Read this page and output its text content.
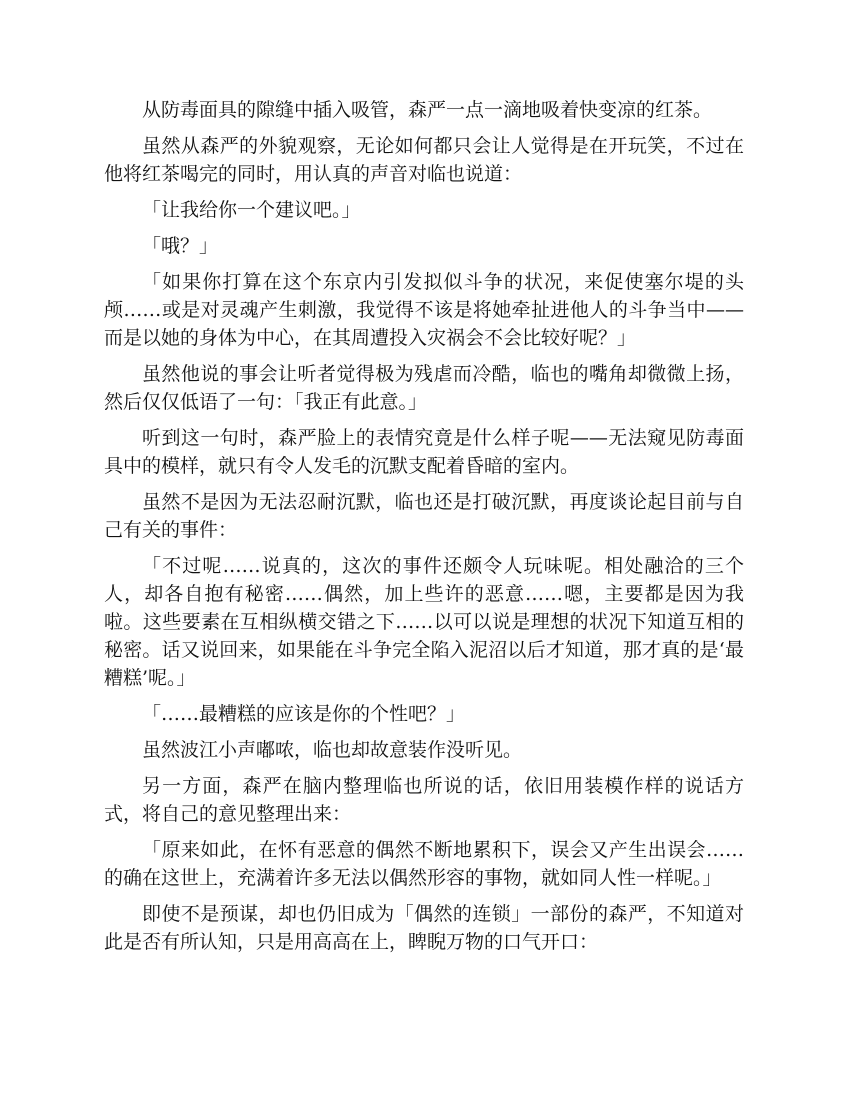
从防毒面具的隙缝中插入吸管，森严一点一滴地吸着快变凉的红茶。

虽然从森严的外貌观察，无论如何都只会让人觉得是在开玩笑，不过在他将红茶喝完的同时，用认真的声音对临也说道：

「让我给你一个建议吧。」

「哦？」

「如果你打算在这个东京内引发拟似斗争的状况，来促使塞尔堤的头颅……或是对灵魂产生刺激，我觉得不该是将她牵扯进他人的斗争当中——而是以她的身体为中心，在其周遭投入灾祸会不会比较好呢？」

虽然他说的事会让听者觉得极为残虐而冷酷，临也的嘴角却微微上扬，然后仅仅低语了一句：「我正有此意。」

听到这一句时，森严脸上的表情究竟是什么样子呢——无法窥见防毒面具中的模样，就只有令人发毛的沉默支配着昏暗的室内。

虽然不是因为无法忍耐沉默，临也还是打破沉默，再度谈论起目前与自己有关的事件：

「不过呢……说真的，这次的事件还颇令人玩味呢。相处融洽的三个人，却各自抱有秘密……偶然，加上些许的恶意……嗯，主要都是因为我啦。这些要素在互相纵横交错之下……以可以说是理想的状况下知道互相的秘密。话又说回来，如果能在斗争完全陷入泥沼以后才知道，那才真的是‘最糟糕’呢。」

「……最糟糕的应该是你的个性吧？」

虽然波江小声嘟哝，临也却故意装作没听见。

另一方面，森严在脑内整理临也所说的话，依旧用装模作样的说话方式，将自己的意见整理出来：

「原来如此，在怀有恶意的偶然不断地累积下，误会又产生出误会……的确在这世上，充满着许多无法以偶然形容的事物，就如同人性一样呢。」

即使不是预谋，却也仍旧成为「偶然的连锁」一部份的森严，不知道对此是否有所认知，只是用高高在上，睥睨万物的口气开口：
